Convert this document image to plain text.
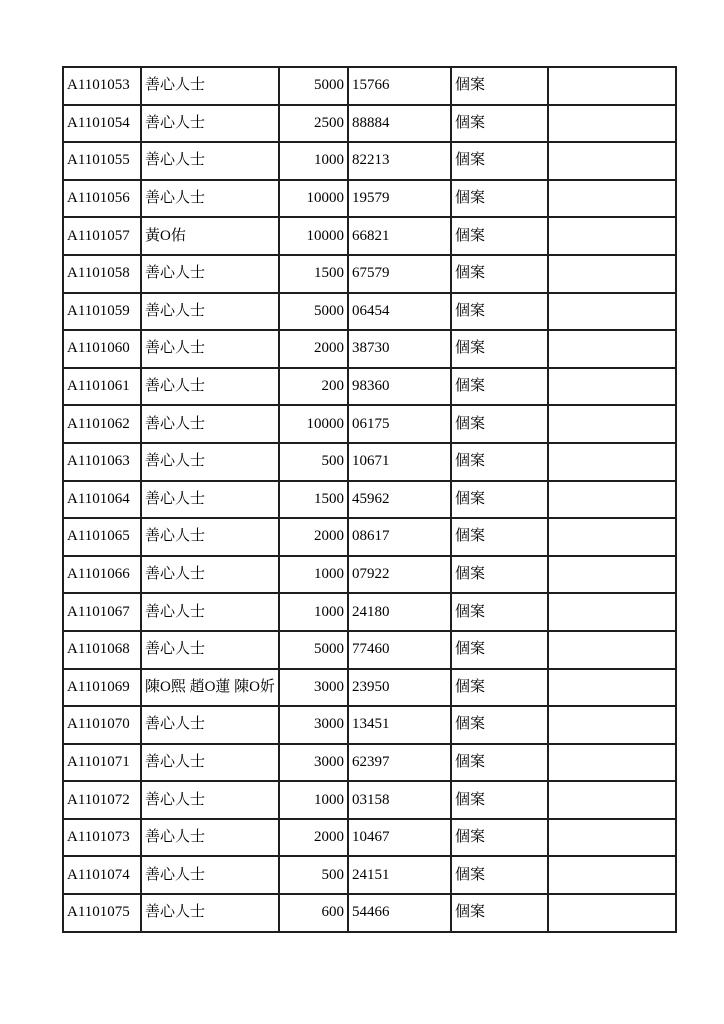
A1101053	善心人士	5000	15766	個案	
A1101054	善心人士	2500	88884	個案	
A1101055	善心人士	1000	82213	個案	
A1101056	善心人士	10000	19579	個案	
A1101057	黃O佑	10000	66821	個案	
A1101058	善心人士	1500	67579	個案	
A1101059	善心人士	5000	06454	個案	
A1101060	善心人士	2000	38730	個案	
A1101061	善心人士	200	98360	個案	
A1101062	善心人士	10000	06175	個案	
A1101063	善心人士	500	10671	個案	
A1101064	善心人士	1500	45962	個案	
A1101065	善心人士	2000	08617	個案	
A1101066	善心人士	1000	07922	個案	
A1101067	善心人士	1000	24180	個案	
A1101068	善心人士	5000	77460	個案	
A1101069	陳O熙 趙O蓮 陳O妡	3000	23950	個案	
A1101070	善心人士	3000	13451	個案	
A1101071	善心人士	3000	62397	個案	
A1101072	善心人士	1000	03158	個案	
A1101073	善心人士	2000	10467	個案	
A1101074	善心人士	500	24151	個案	
A1101075	善心人士	600	54466	個案	
